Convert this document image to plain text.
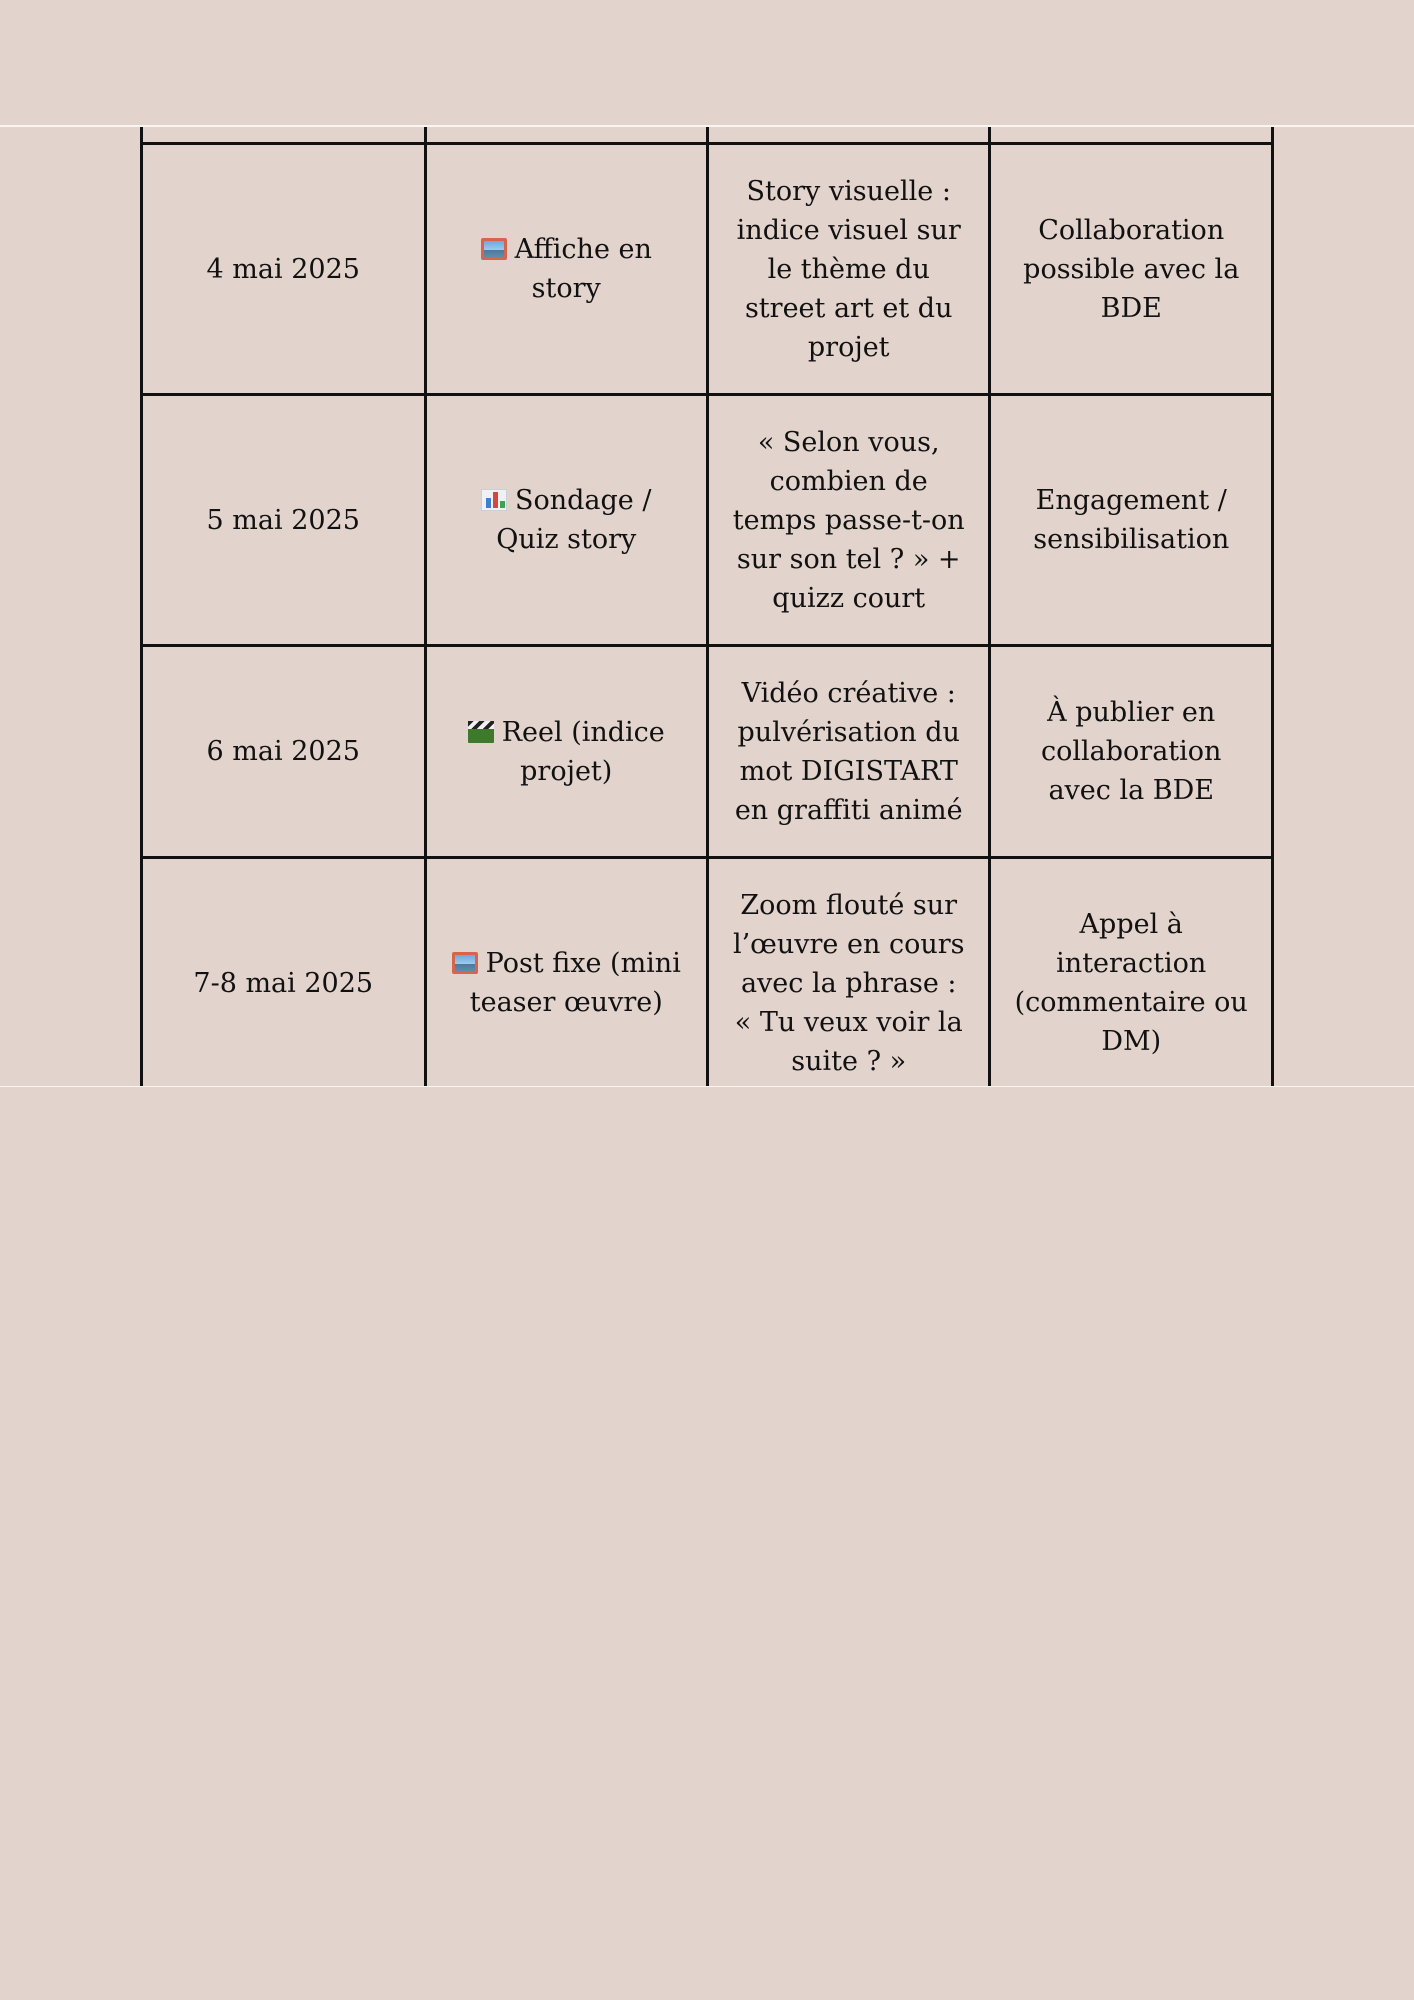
4 mai 2025	Affiche en story	Story visuelle : indice visuel sur le thème du street art et du projet	Collaboration possible avec la BDE
5 mai 2025	Sondage / Quiz story	« Selon vous, combien de temps passe-t-on sur son tel ? » + quizz court	Engagement / sensibilisation
6 mai 2025	Reel (indice projet)	Vidéo créative : pulvérisation du mot DIGISTART en graffiti animé	À publier en collaboration avec la BDE
7-8 mai 2025	Post fixe (mini teaser œuvre)	Zoom flouté sur l’œuvre en cours avec la phrase : « Tu veux voir la suite ? »	Appel à interaction (commentaire ou DM)
